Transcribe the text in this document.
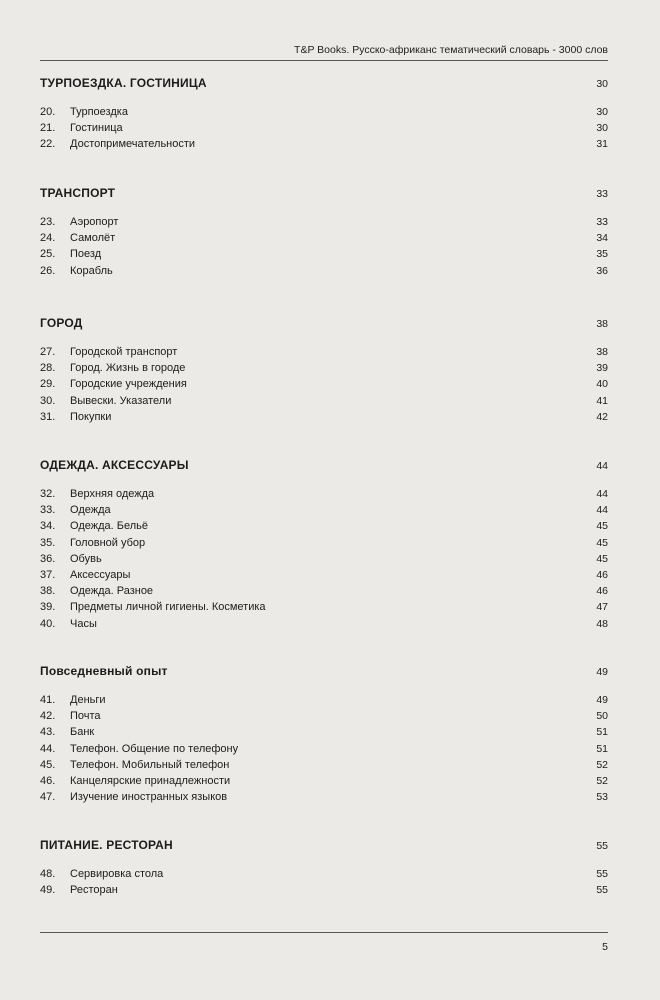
T&P Books. Русско-африканс тематический словарь - 3000 слов
ТУРПОЕЗДКА. ГОСТИНИЦА	30
20.	Турпоездка	30
21.	Гостиница	30
22.	Достопримечательности	31
ТРАНСПОРТ	33
23.	Аэропорт	33
24.	Самолёт	34
25.	Поезд	35
26.	Корабль	36
ГОРОД	38
27.	Городской транспорт	38
28.	Город. Жизнь в городе	39
29.	Городские учреждения	40
30.	Вывески. Указатели	41
31.	Покупки	42
ОДЕЖДА. АКСЕССУАРЫ	44
32.	Верхняя одежда	44
33.	Одежда	44
34.	Одежда. Бельё	45
35.	Головной убор	45
36.	Обувь	45
37.	Аксессуары	46
38.	Одежда. Разное	46
39.	Предметы личной гигиены. Косметика	47
40.	Часы	48
Повседневный опыт	49
41.	Деньги	49
42.	Почта	50
43.	Банк	51
44.	Телефон. Общение по телефону	51
45.	Телефон. Мобильный телефон	52
46.	Канцелярские принадлежности	52
47.	Изучение иностранных языков	53
ПИТАНИЕ. РЕСТОРАН	55
48.	Сервировка стола	55
49.	Ресторан	55
5
